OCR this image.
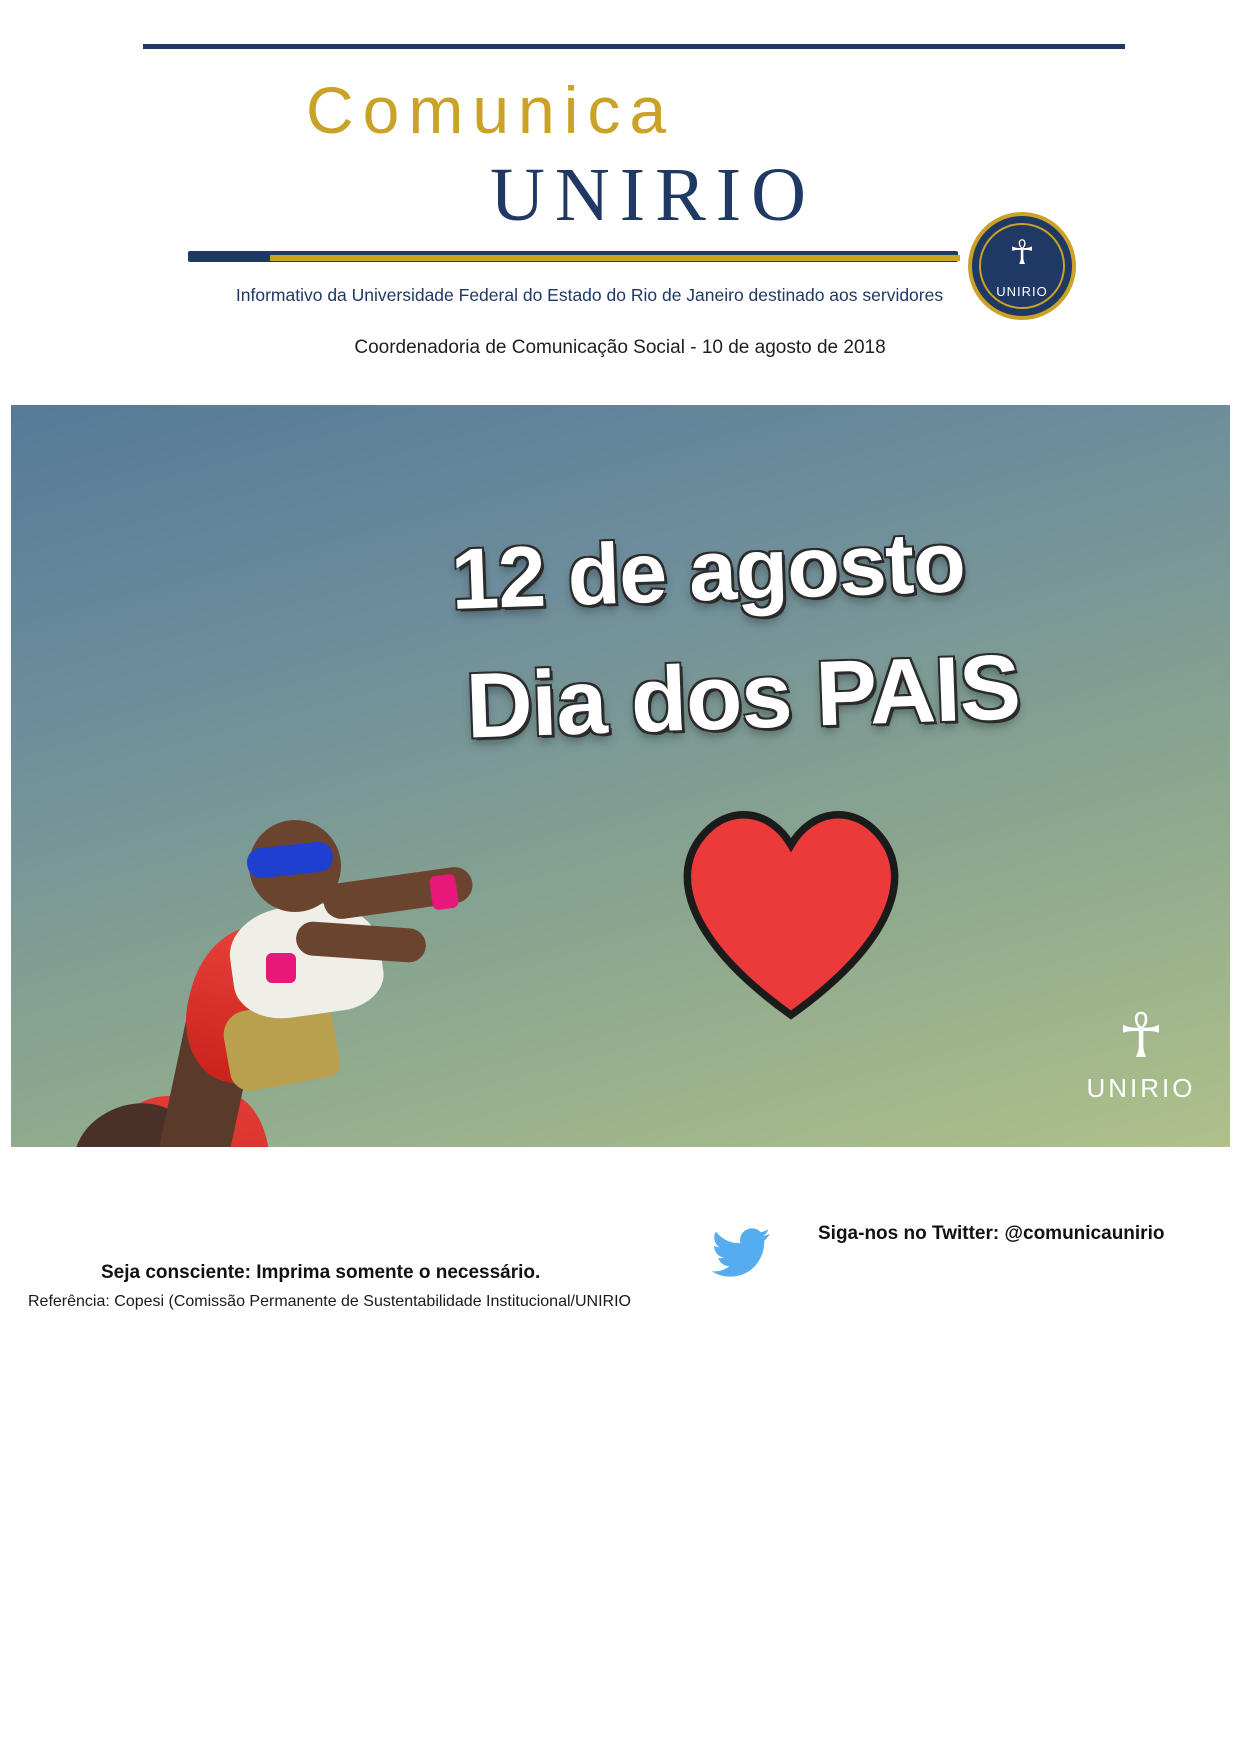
Comunica
UNIRIO
Informativo da Universidade Federal do Estado do Rio de Janeiro destinado aos servidores
☥
UNIRIO
Coordenadoria de Comunicação Social - 10 de agosto de 2018
12 de agosto
Dia dos PAIS
☥
UNIRIO
Siga-nos no Twitter: @comunicaunirio
Seja consciente: Imprima somente o necessário.
Referência: Copesi (Comissão Permanente de Sustentabilidade Institucional/UNIRIO
